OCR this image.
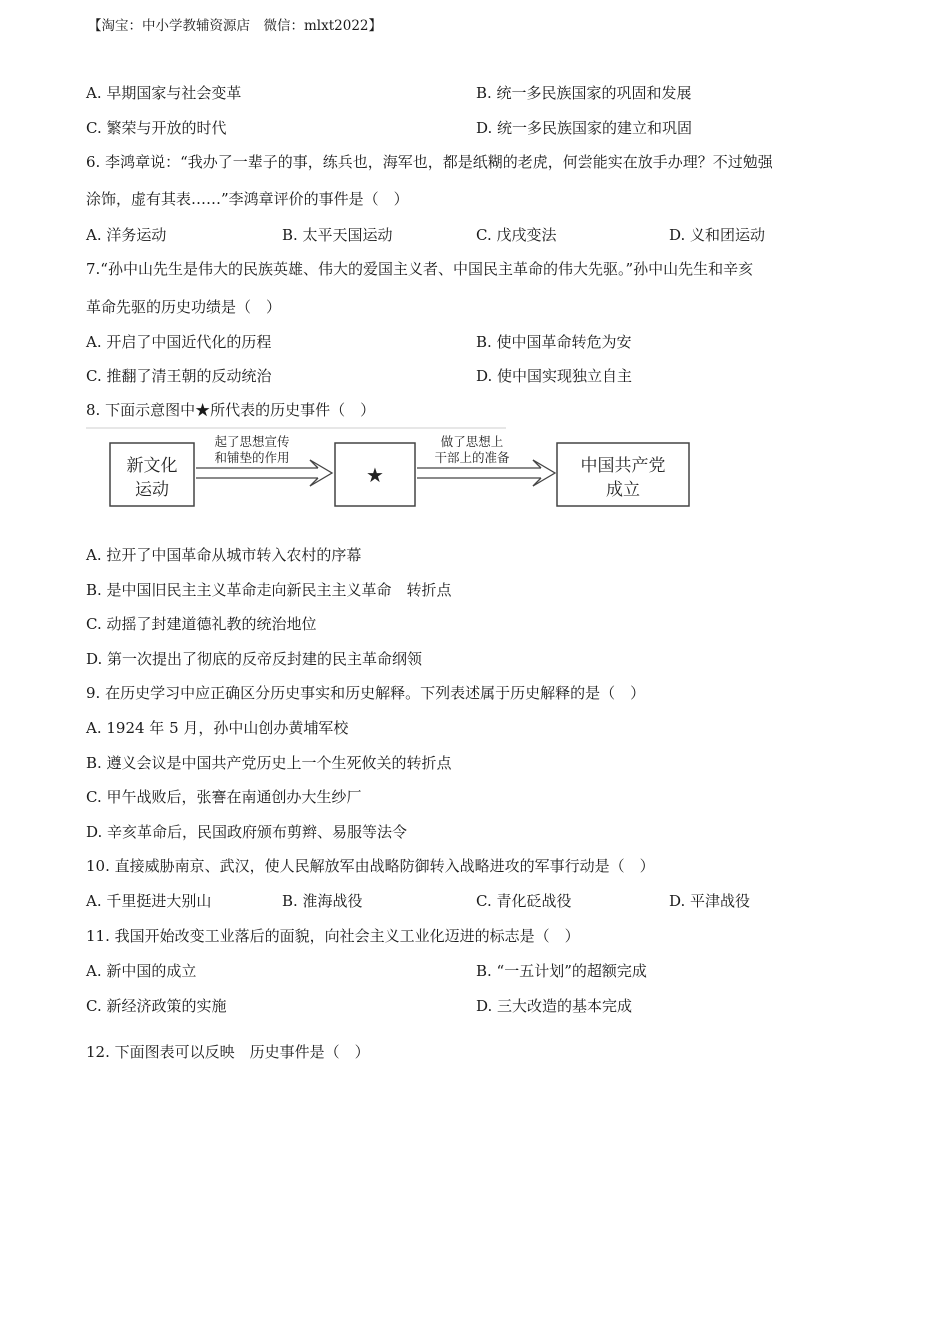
【淘宝：中小学教辅资源店　微信：mlxt2022】
A. 早期国家与社会变革	B. 统一多民族国家的巩固和发展
C. 繁荣与开放的时代	D. 统一多民族国家的建立和巩固
6. 李鸿章说：“我办了一辈子的事，练兵也，海军也，都是纸糊的老虎，何尝能实在放手办理？不过勉强
涂饰，虚有其表……”李鸿章评价的事件是（　）
A. 洋务运动	B. 太平天国运动	C. 戊戌变法	D. 义和团运动
7.“孙中山先生是伟大的民族英雄、伟大的爱国主义者、中国民主革命的伟大先驱。”孙中山先生和辛亥
革命先驱的历史功绩是（　）
A. 开启了中国近代化的历程	B. 使中国革命转危为安
C. 推翻了清王朝的反动统治	D. 使中国实现独立自主
8. 下面示意图中★所代表的历史事件（　）
新文化
运动
起了思想宣传
和铺垫的作用
★
做了思想上
干部上的准备	中国共产党
成立
A. 拉开了中国革命从城市转入农村的序幕
B. 是中国旧民主主义革命走向新民主主义革命　转折点
C. 动摇了封建道德礼教的统治地位
D. 第一次提出了彻底的反帝反封建的民主革命纲领
9. 在历史学习中应正确区分历史事实和历史解释。下列表述属于历史解释的是（　）
A. 1924 年 5 月，孙中山创办黄埔军校
B. 遵义会议是中国共产党历史上一个生死攸关的转折点
C. 甲午战败后，张謇在南通创办大生纱厂
D. 辛亥革命后，民国政府颁布剪辫、易服等法令
10. 直接威胁南京、武汉，使人民解放军由战略防御转入战略进攻的军事行动是（　）
A. 千里挺进大别山	B. 淮海战役	C. 青化砭战役	D. 平津战役
11. 我国开始改变工业落后的面貌，向社会主义工业化迈进的标志是（　）
A. 新中国的成立	B. “一五计划”的超额完成
C. 新经济政策的实施	D. 三大改造的基本完成
12. 下面图表可以反映　历史事件是（　）
